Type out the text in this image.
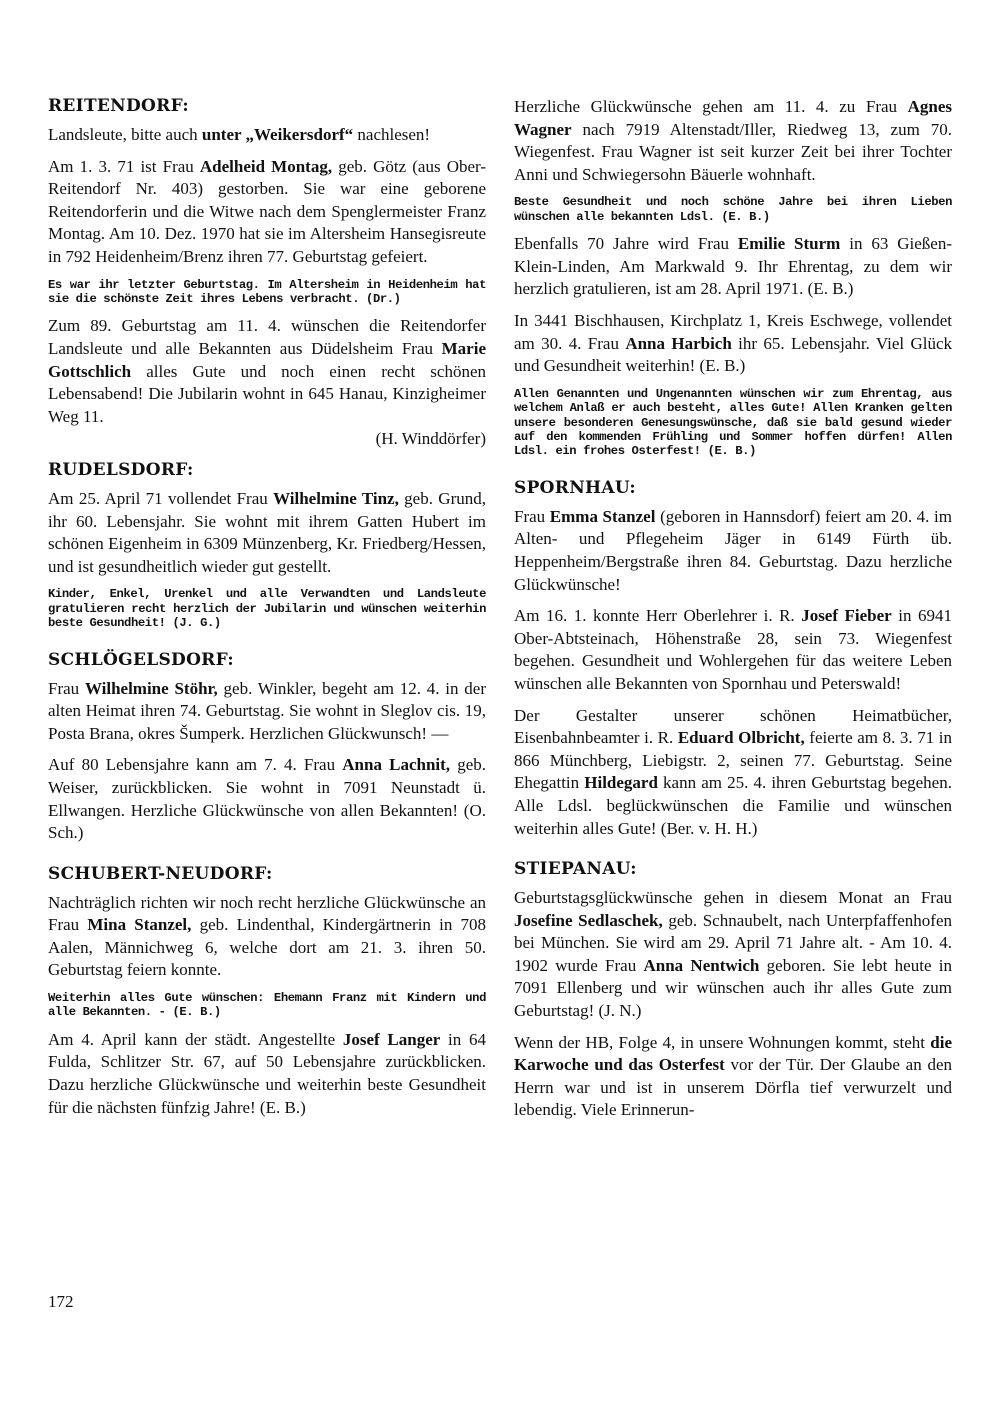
REITENDORF:

Landsleute, bitte auch unter „Weikersdorf“ nachlesen!

Am 1. 3. 71 ist Frau Adelheid Montag, geb. Götz (aus Ober-Reitendorf Nr. 403) gestorben. Sie war eine geborene Reitendorferin und die Witwe nach dem Spenglermeister Franz Montag. Am 10. Dez. 1970 hat sie im Altersheim Hansegisreute in 792 Heidenheim/Brenz ihren 77. Geburtstag gefeiert.

Es war ihr letzter Geburtstag. Im Altersheim in Heidenheim hat sie die schönste Zeit ihres Lebens verbracht. (Dr.)

Zum 89. Geburtstag am 11. 4. wünschen die Reitendorfer Landsleute und alle Bekannten aus Düdelsheim Frau Marie Gottschlich alles Gute und noch einen recht schönen Lebensabend! Die Jubilarin wohnt in 645 Hanau, Kinzigheimer Weg 11.
(H. Winddörfer)

RUDELSDORF:

Am 25. April 71 vollendet Frau Wilhelmine Tinz, geb. Grund, ihr 60. Lebensjahr. Sie wohnt mit ihrem Gatten Hubert im schönen Eigenheim in 6309 Münzenberg, Kr. Friedberg/Hessen, und ist gesundheitlich wieder gut gestellt.

Kinder, Enkel, Urenkel und alle Verwandten und Landsleute gratulieren recht herzlich der Jubilarin und wünschen weiterhin beste Gesundheit! (J. G.)

SCHLÖGELSDORF:

Frau Wilhelmine Stöhr, geb. Winkler, begeht am 12. 4. in der alten Heimat ihren 74. Geburtstag. Sie wohnt in Sleglov cis. 19, Posta Brana, okres Šumperk. Herzlichen Glückwunsch! —

Auf 80 Lebensjahre kann am 7. 4. Frau Anna Lachnit, geb. Weiser, zurückblicken. Sie wohnt in 7091 Neunstadt ü. Ellwangen. Herzliche Glückwünsche von allen Bekannten! (O. Sch.)

SCHUBERT-NEUDORF:

Nachträglich richten wir noch recht herzliche Glückwünsche an Frau Mina Stanzel, geb. Lindenthal, Kindergärtnerin in 708 Aalen, Männichweg 6, welche dort am 21. 3. ihren 50. Geburtstag feiern konnte.

Weiterhin alles Gute wünschen: Ehemann Franz mit Kindern und alle Bekannten. - (E. B.)

Am 4. April kann der städt. Angestellte Josef Langer in 64 Fulda, Schlitzer Str. 67, auf 50 Lebensjahre zurückblicken. Dazu herzliche Glückwünsche und weiterhin beste Gesundheit für die nächsten fünfzig Jahre! (E. B.)

Herzliche Glückwünsche gehen am 11. 4. zu Frau Agnes Wagner nach 7919 Altenstadt/Iller, Riedweg 13, zum 70. Wiegenfest. Frau Wagner ist seit kurzer Zeit bei ihrer Tochter Anni und Schwiegersohn Bäuerle wohnhaft.

Beste Gesundheit und noch schöne Jahre bei ihren Lieben wünschen alle bekannten Ldsl. (E. B.)

Ebenfalls 70 Jahre wird Frau Emilie Sturm in 63 Gießen-Klein-Linden, Am Markwald 9. Ihr Ehrentag, zu dem wir herzlich gratulieren, ist am 28. April 1971. (E. B.)

In 3441 Bischhausen, Kirchplatz 1, Kreis Eschwege, vollendet am 30. 4. Frau Anna Harbich ihr 65. Lebensjahr. Viel Glück und Gesundheit weiterhin! (E. B.)

Allen Genannten und Ungenannten wünschen wir zum Ehrentag, aus welchem Anlaß er auch besteht, alles Gute! Allen Kranken gelten unsere besonderen Genesungswünsche, daß sie bald gesund wieder auf den kommenden Frühling und Sommer hoffen dürfen! Allen Ldsl. ein frohes Osterfest! (E. B.)

SPORNHAU:

Frau Emma Stanzel (geboren in Hannsdorf) feiert am 20. 4. im Alten- und Pflegeheim Jäger in 6149 Fürth üb. Heppenheim/Bergstraße ihren 84. Geburtstag. Dazu herzliche Glückwünsche!

Am 16. 1. konnte Herr Oberlehrer i. R. Josef Fieber in 6941 Ober-Abtsteinach, Höhenstraße 28, sein 73. Wiegenfest begehen. Gesundheit und Wohlergehen für das weitere Leben wünschen alle Bekannten von Spornhau und Peterswald!

Der Gestalter unserer schönen Heimatbücher, Eisenbahnbeamter i. R. Eduard Olbricht, feierte am 8. 3. 71 in 866 Münchberg, Liebigstr. 2, seinen 77. Geburtstag. Seine Ehegattin Hildegard kann am 25. 4. ihren Geburtstag begehen. Alle Ldsl. beglückwünschen die Familie und wünschen weiterhin alles Gute! (Ber. v. H. H.)

STIEPANAU:

Geburtstagsglückwünsche gehen in diesem Monat an Frau Josefine Sedlaschek, geb. Schnaubelt, nach Unterpfaffenhofen bei München. Sie wird am 29. April 71 Jahre alt. - Am 10. 4. 1902 wurde Frau Anna Nentwich geboren. Sie lebt heute in 7091 Ellenberg und wir wünschen auch ihr alles Gute zum Geburtstag! (J. N.)

Wenn der HB, Folge 4, in unsere Wohnungen kommt, steht die Karwoche und das Osterfest vor der Tür. Der Glaube an den Herrn war und ist in unserem Dörfla tief verwurzelt und lebendig. Viele Erinnerun-

172
